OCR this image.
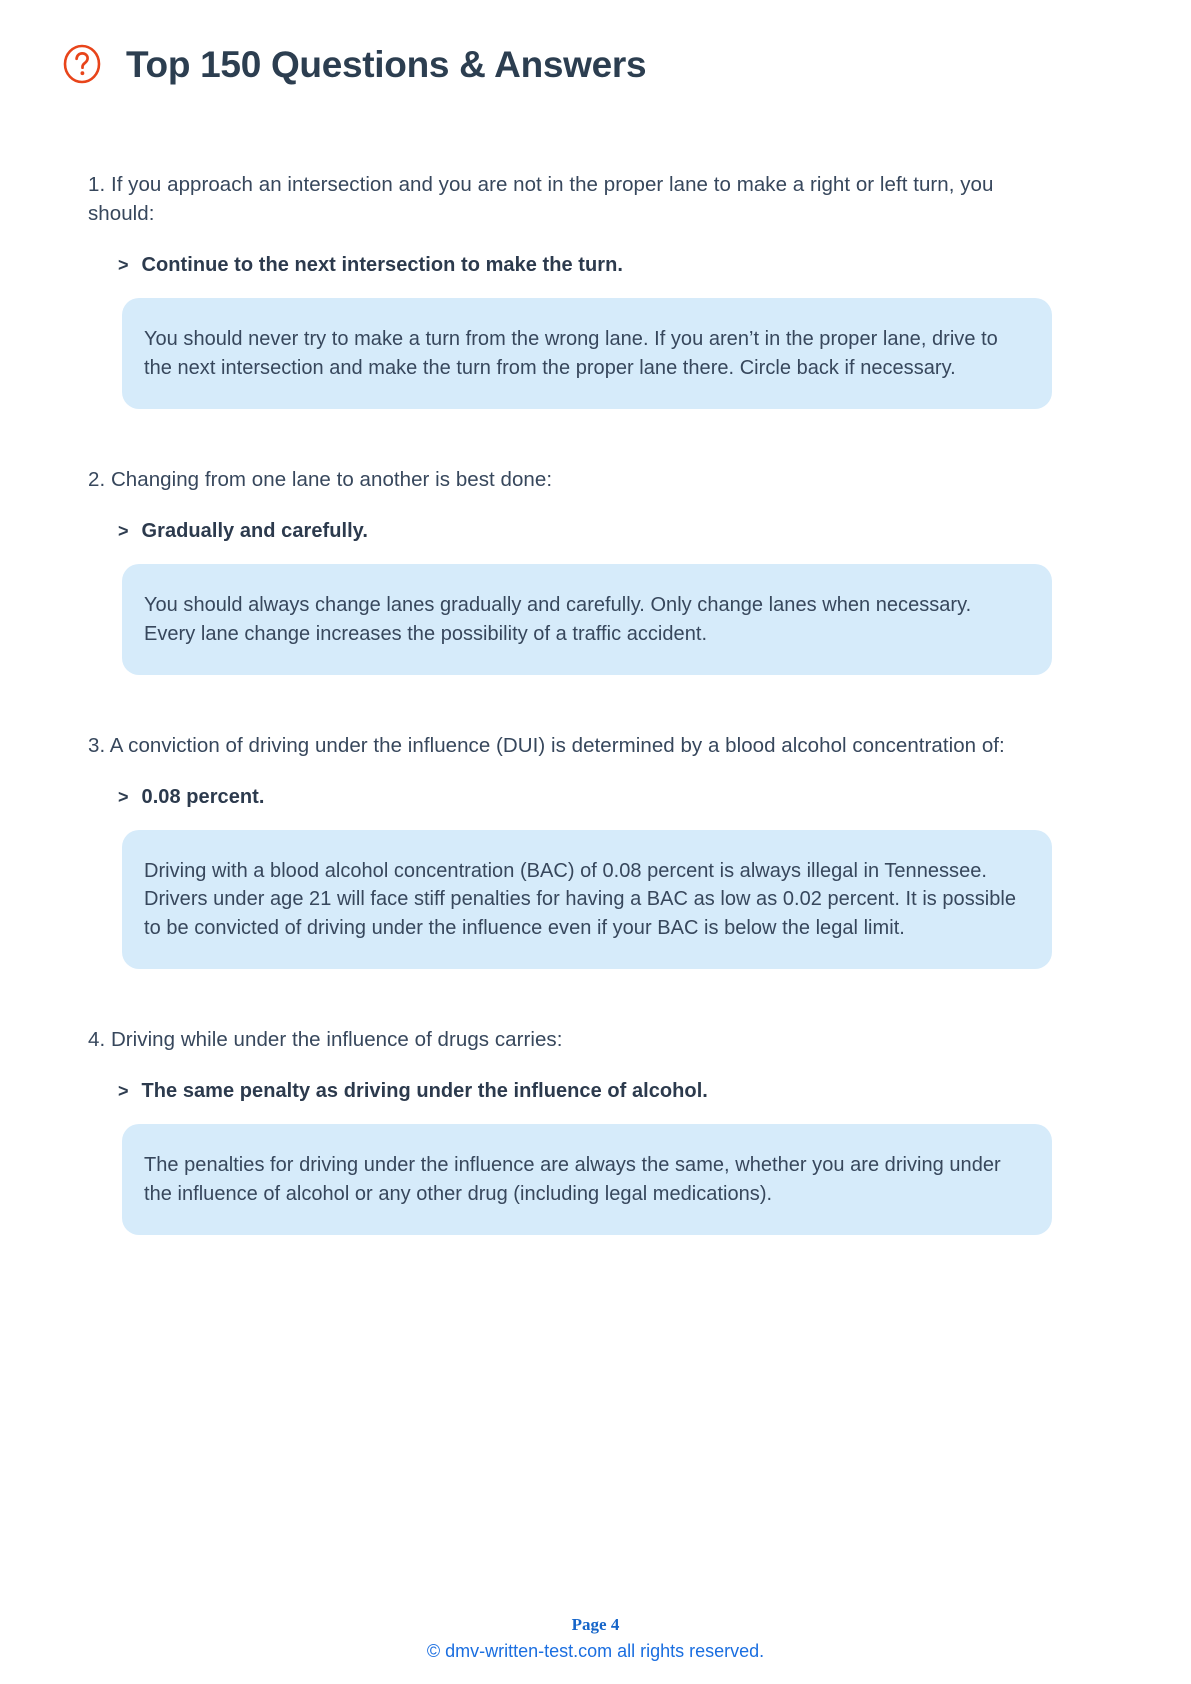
Top 150 Questions & Answers

1. If you approach an intersection and you are not in the proper lane to make a right or left turn, you should:

> Continue to the next intersection to make the turn.

You should never try to make a turn from the wrong lane. If you aren’t in the proper lane, drive to the next intersection and make the turn from the proper lane there. Circle back if necessary.

2. Changing from one lane to another is best done:

> Gradually and carefully.

You should always change lanes gradually and carefully. Only change lanes when necessary. Every lane change increases the possibility of a traffic accident.

3. A conviction of driving under the influence (DUI) is determined by a blood alcohol concentration of:

> 0.08 percent.

Driving with a blood alcohol concentration (BAC) of 0.08 percent is always illegal in Tennessee. Drivers under age 21 will face stiff penalties for having a BAC as low as 0.02 percent. It is possible to be convicted of driving under the influence even if your BAC is below the legal limit.

4. Driving while under the influence of drugs carries:

> The same penalty as driving under the influence of alcohol.

The penalties for driving under the influence are always the same, whether you are driving under the influence of alcohol or any other drug (including legal medications).

Page 4
© dmv-written-test.com all rights reserved.
